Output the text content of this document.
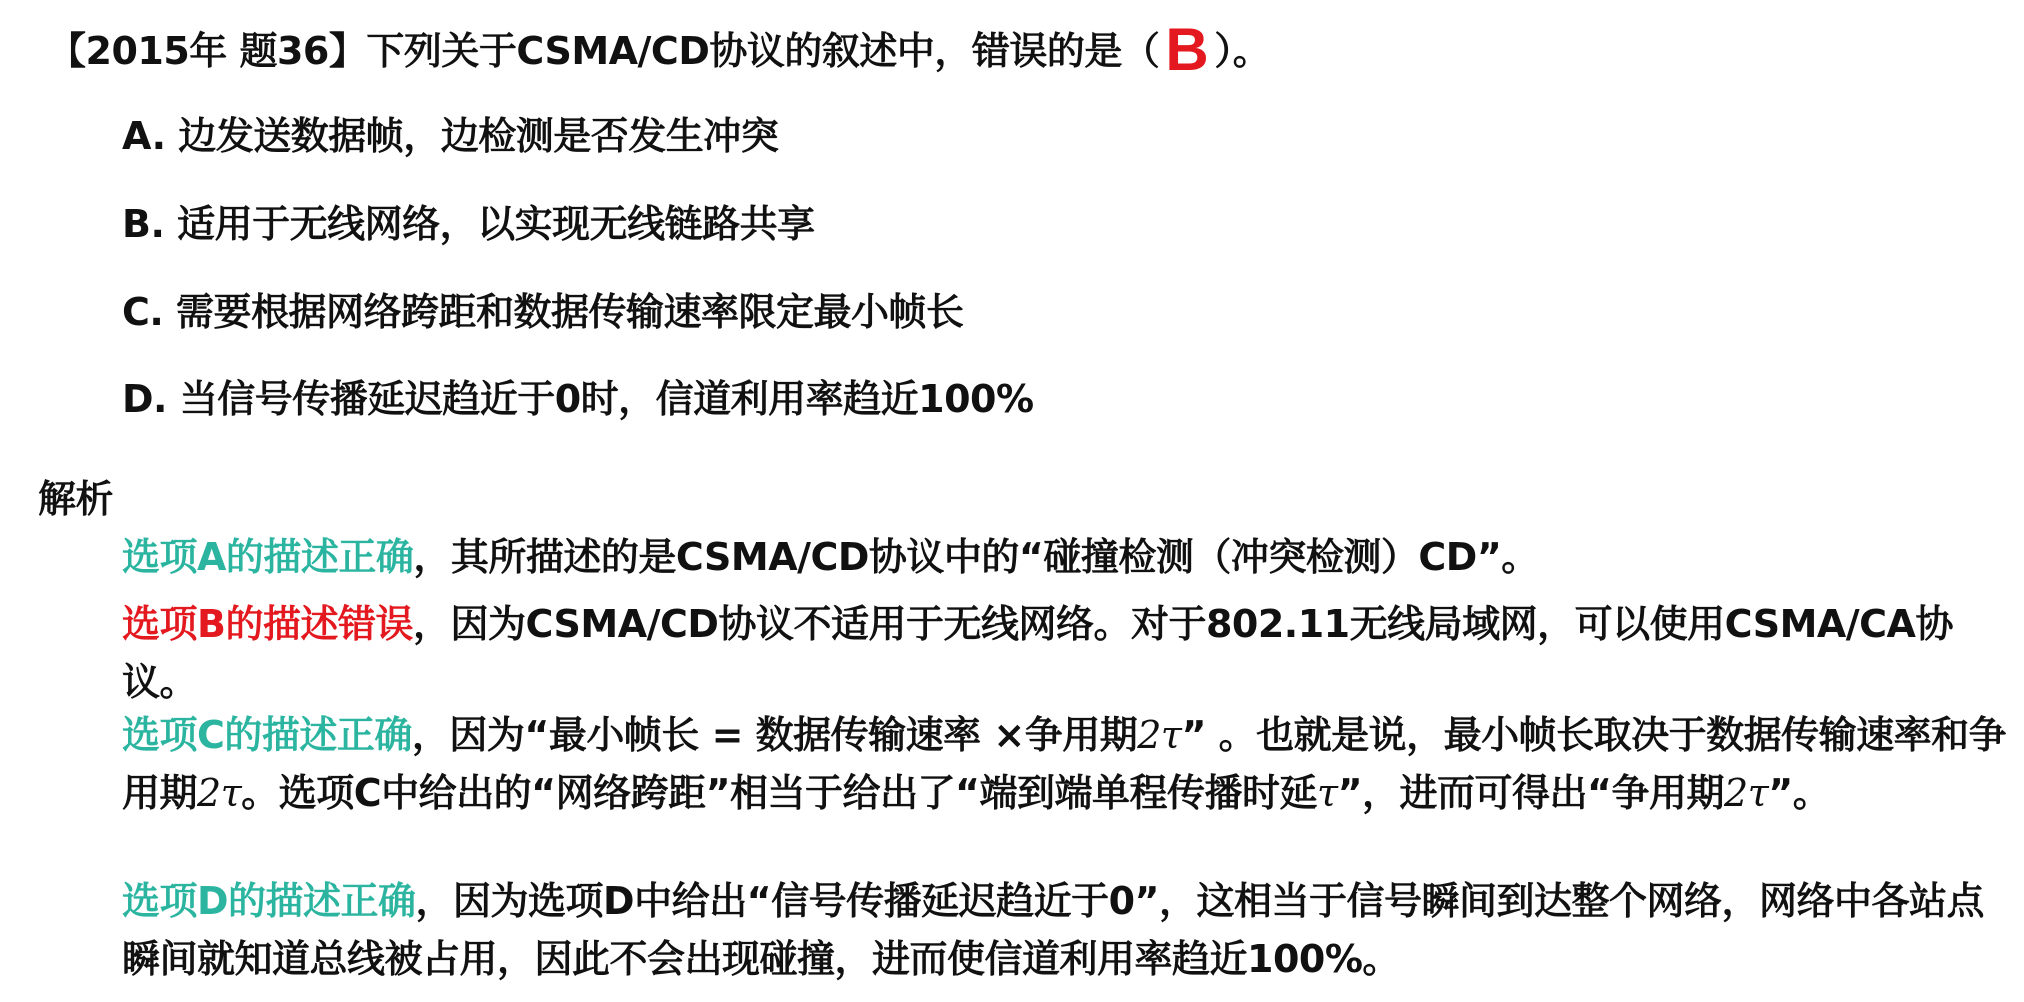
【2015年 题36】下列关于CSMA/CD协议的叙述中，错误的是（ B ）。
A. 边发送数据帧，边检测是否发生冲突
B. 适用于无线网络，以实现无线链路共享
C. 需要根据网络跨距和数据传输速率限定最小帧长
D. 当信号传播延迟趋近于0时，信道利用率趋近100%
解析
选项A的描述正确，其所描述的是CSMA/CD协议中的“碰撞检测（冲突检测）CD”。
选项B的描述错误，因为CSMA/CD协议不适用于无线网络。对于802.11无线局域网，可以使用CSMA/CA协议。
选项C的描述正确，因为“最小帧长 = 数据传输速率 ×争用期2τ” 。也就是说，最小帧长取决于数据传输速率和争用期2τ。选项C中给出的“网络跨距”相当于给出了“端到端单程传播时延τ”，进而可得出“争用期2τ”。
选项D的描述正确，因为选项D中给出“信号传播延迟趋近于0”，这相当于信号瞬间到达整个网络，网络中各站点瞬间就知道总线被占用，因此不会出现碰撞，进而使信道利用率趋近100%。
